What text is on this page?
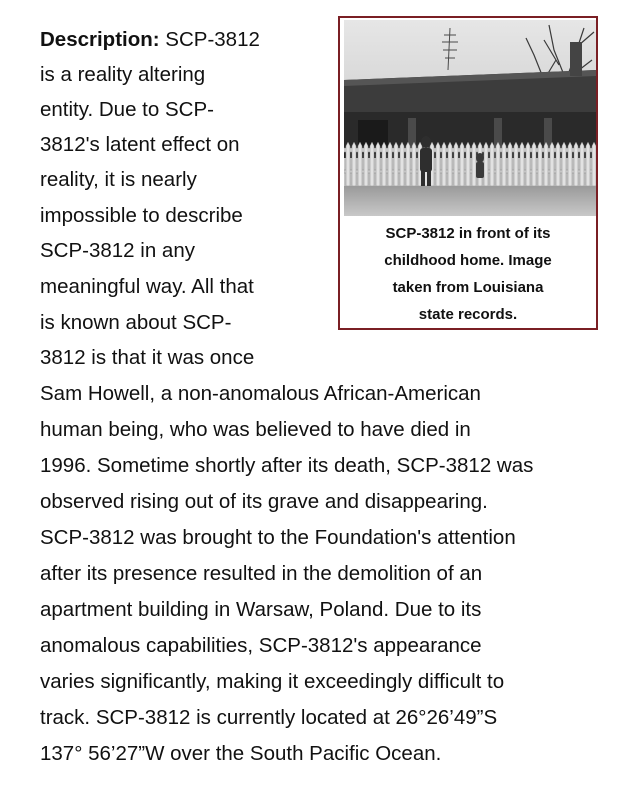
Description: SCP-3812
is a reality altering
entity. Due to SCP-
3812's latent effect on
reality, it is nearly
impossible to describe
SCP-3812 in any
meaningful way. All that
is known about SCP-
3812 is that it was once
Sam Howell, a non-anomalous African-American
human being, who was believed to have died in
1996. Sometime shortly after its death, SCP-3812 was
observed rising out of its grave and disappearing.
SCP-3812 was brought to the Foundation's attention
after its presence resulted in the demolition of an
apartment building in Warsaw, Poland. Due to its
anomalous capabilities, SCP-3812's appearance
varies significantly, making it exceedingly difficult to
track. SCP-3812 is currently located at 26°26’49”S
137° 56’27”W over the South Pacific Ocean.
SCP-3812 in front of its
childhood home. Image
taken from Louisiana
state records.
